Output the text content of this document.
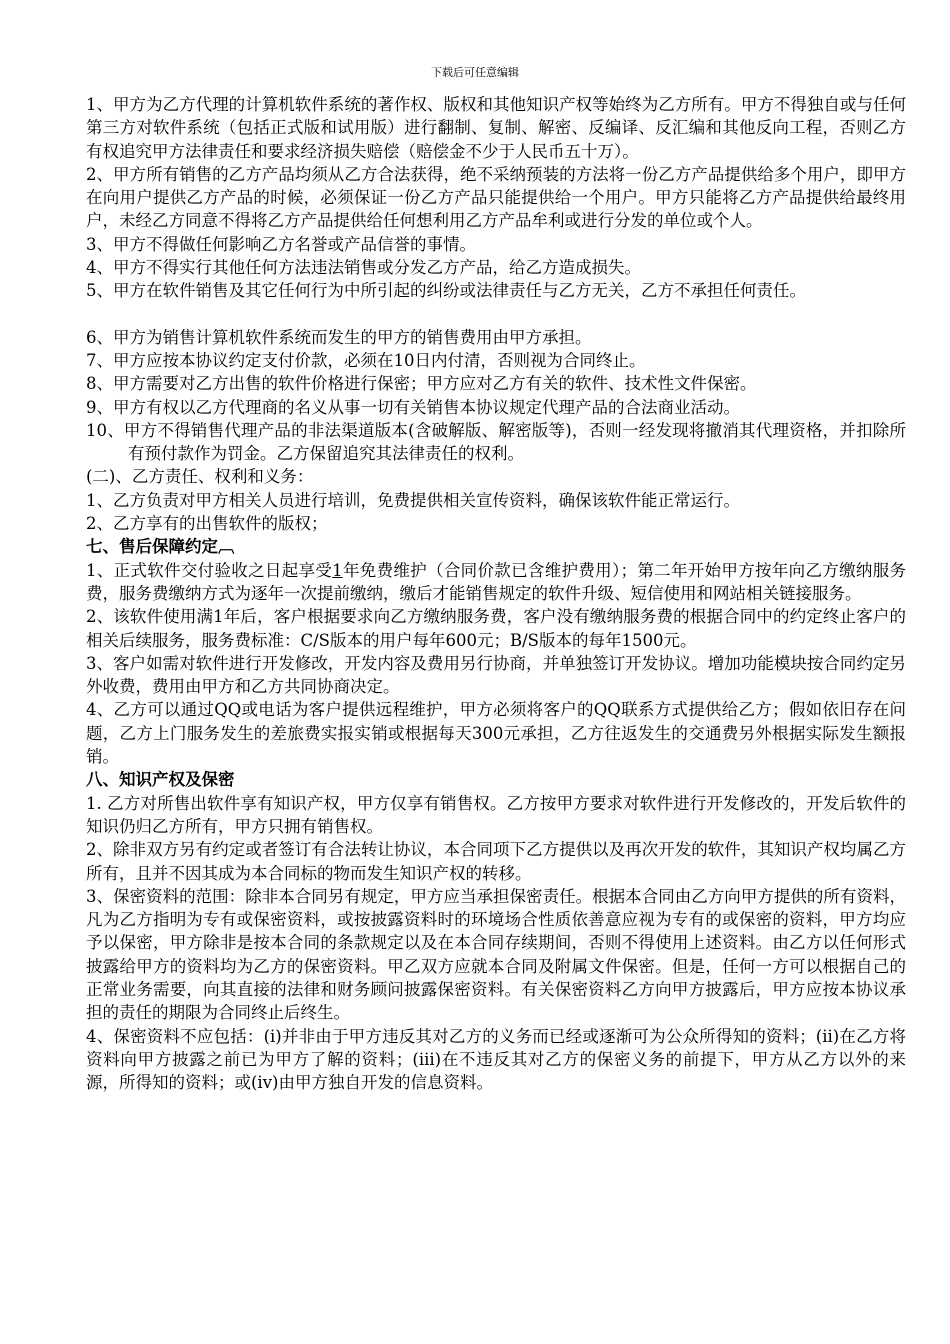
下载后可任意编辑

1、甲方为乙方代理的计算机软件系统的著作权、版权和其他知识产权等始终为乙方所有。甲方不得独自或与任何第三方对软件系统（包括正式版和试用版）进行翻制、复制、解密、反编译、反汇编和其他反向工程，否则乙方有权追究甲方法律责任和要求经济损失赔偿（赔偿金不少于人民币五十万）。

2、甲方所有销售的乙方产品均须从乙方合法获得，绝不采纳预装的方法将一份乙方产品提供给多个用户，即甲方在向用户提供乙方产品的时候，必须保证一份乙方产品只能提供给一个用户。甲方只能将乙方产品提供给最终用户，未经乙方同意不得将乙方产品提供给任何想利用乙方产品牟利或进行分发的单位或个人。

3、甲方不得做任何影响乙方名誉或产品信誉的事情。

4、甲方不得实行其他任何方法违法销售或分发乙方产品，给乙方造成损失。

5、甲方在软件销售及其它任何行为中所引起的纠纷或法律责任与乙方无关，乙方不承担任何责任。

6、甲方为销售计算机软件系统而发生的甲方的销售费用由甲方承担。

7、甲方应按本协议约定支付价款，必须在10日内付清，否则视为合同终止。

8、甲方需要对乙方出售的软件价格进行保密；甲方应对乙方有关的软件、技术性文件保密。

9、甲方有权以乙方代理商的名义从事一切有关销售本协议规定代理产品的合法商业活动。

10、甲方不得销售代理产品的非法渠道版本(含破解版、解密版等)，否则一经发现将撤消其代理资格，并扣除所有预付款作为罚金。乙方保留追究其法律责任的权利。

(二)、乙方责任、权利和义务：

1、乙方负责对甲方相关人员进行培训，免费提供相关宣传资料，确保该软件能正常运行。

2、乙方享有的出售软件的版权；

七、售后保障约定︹

1、正式软件交付验收之日起享受1年免费维护（合同价款已含维护费用）；第二年开始甲方按年向乙方缴纳服务费，服务费缴纳方式为逐年一次提前缴纳，缴后才能销售规定的软件升级、短信使用和网站相关链接服务。

2、该软件使用满1年后，客户根据要求向乙方缴纳服务费，客户没有缴纳服务费的根据合同中的约定终止客户的相关后续服务，服务费标准：C/S版本的用户每年600元；B/S版本的每年1500元。

3、客户如需对软件进行开发修改，开发内容及费用另行协商，并单独签订开发协议。增加功能模块按合同约定另外收费，费用由甲方和乙方共同协商决定。

4、乙方可以通过QQ或电话为客户提供远程维护，甲方必须将客户的QQ联系方式提供给乙方；假如依旧存在问题，乙方上门服务发生的差旅费实报实销或根据每天300元承担，乙方往返发生的交通费另外根据实际发生额报销。

八、知识产权及保密

1. 乙方对所售出软件享有知识产权，甲方仅享有销售权。乙方按甲方要求对软件进行开发修改的，开发后软件的知识仍归乙方所有，甲方只拥有销售权。

2、除非双方另有约定或者签订有合法转让协议，本合同项下乙方提供以及再次开发的软件，其知识产权均属乙方所有，且并不因其成为本合同标的物而发生知识产权的转移。

3、保密资料的范围：除非本合同另有规定，甲方应当承担保密责任。根据本合同由乙方向甲方提供的所有资料，凡为乙方指明为专有或保密资料，或按披露资料时的环境场合性质依善意应视为专有的或保密的资料，甲方均应予以保密，甲方除非是按本合同的条款规定以及在本合同存续期间，否则不得使用上述资料。由乙方以任何形式披露给甲方的资料均为乙方的保密资料。甲乙双方应就本合同及附属文件保密。但是，任何一方可以根据自己的正常业务需要，向其直接的法律和财务顾问披露保密资料。有关保密资料乙方向甲方披露后，甲方应按本协议承担的责任的期限为合同终止后终生。

4、保密资料不应包括：(i)并非由于甲方违反其对乙方的义务而已经或逐渐可为公众所得知的资料；(ii)在乙方将资料向甲方披露之前已为甲方了解的资料；(iii)在不违反其对乙方的保密义务的前提下，甲方从乙方以外的来源，所得知的资料；或(iv)由甲方独自开发的信息资料。
